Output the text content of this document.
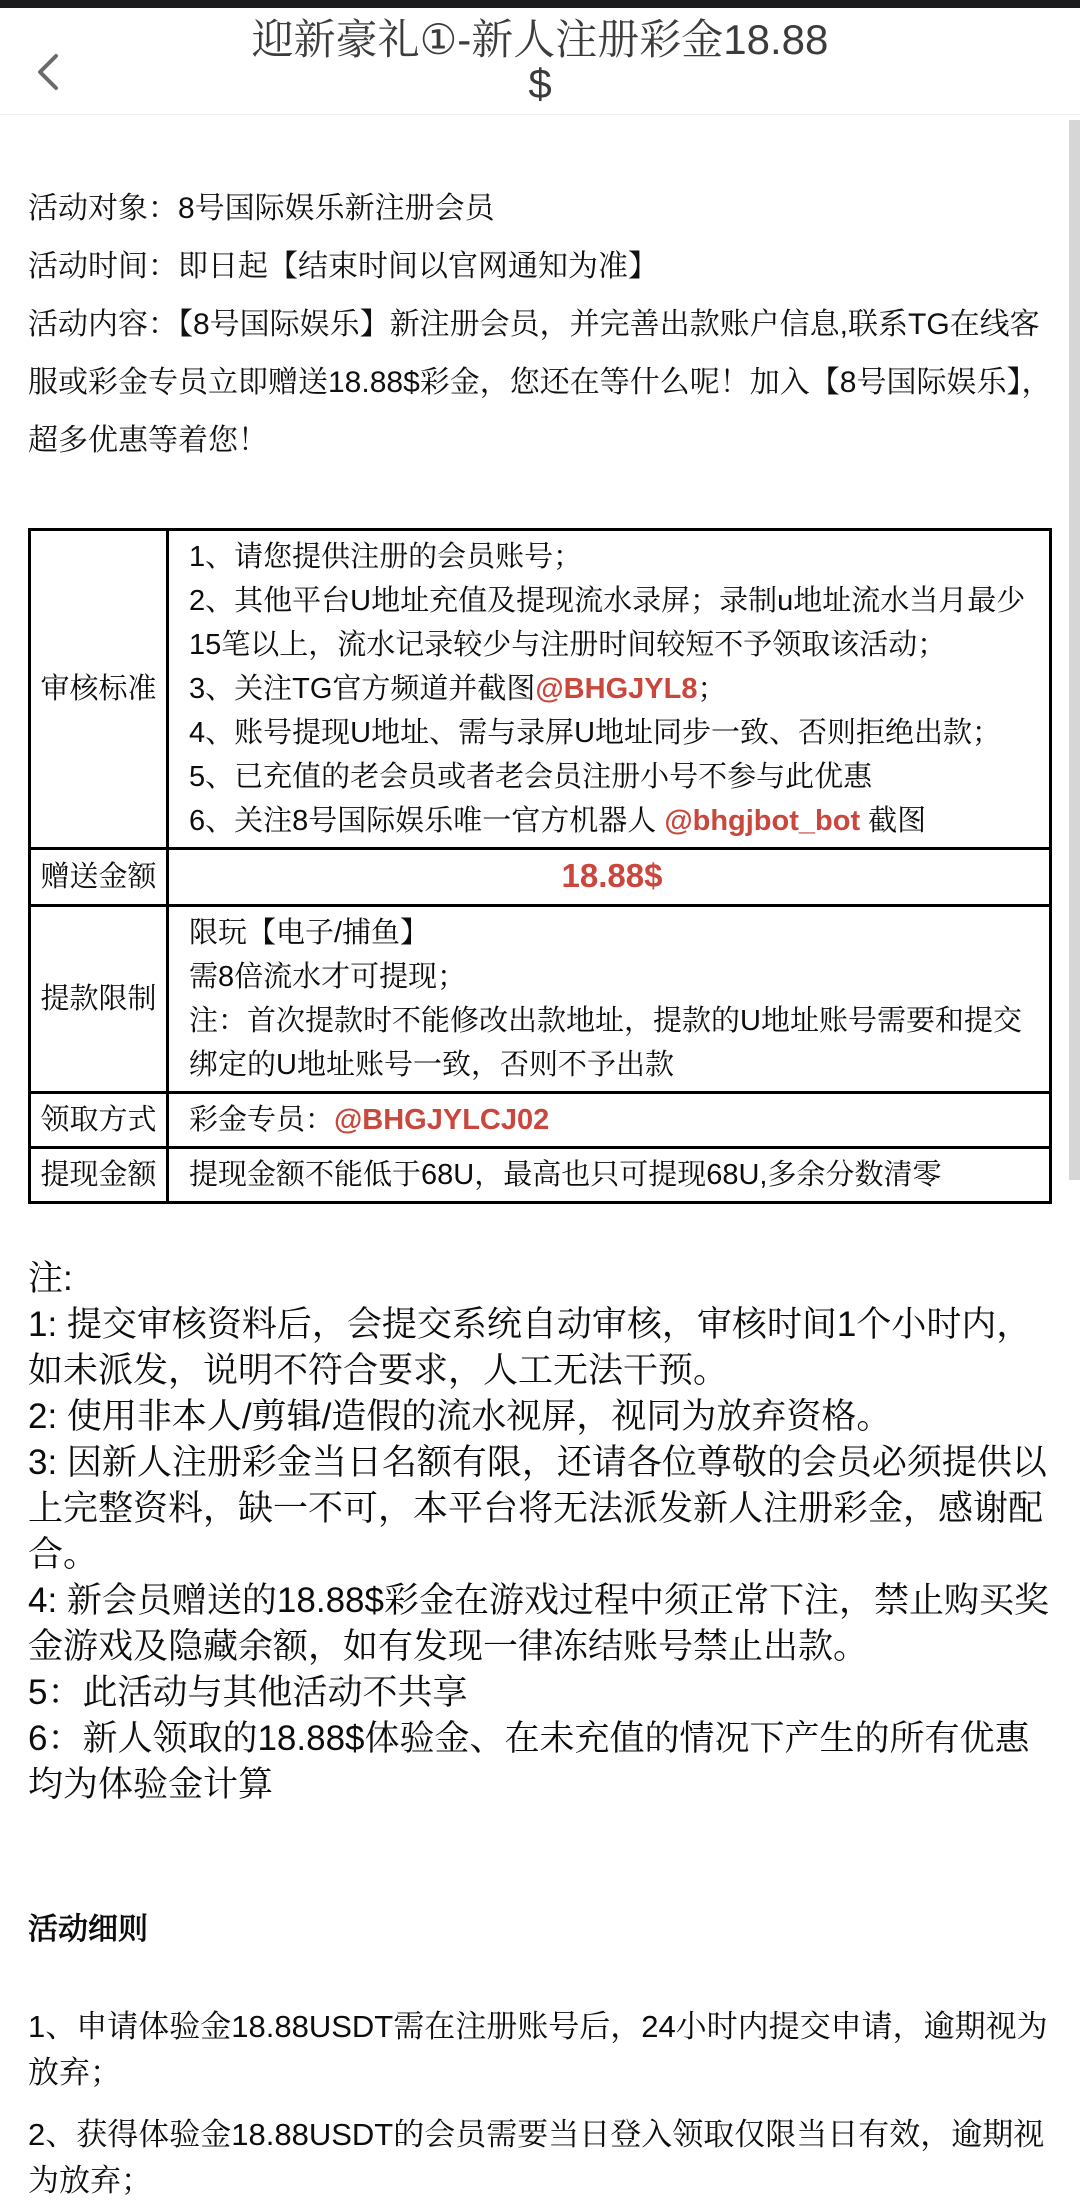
迎新豪礼①-新人注册彩金18.88
$

活动对象：8号国际娱乐新注册会员

活动时间：即日起【结束时间以官网通知为准】

活动内容：【8号国际娱乐】新注册会员，并完善出款账户信息,联系TG在线客服或彩金专员立即赠送18.88$彩金，您还在等什么呢！加入【8号国际娱乐】，超多优惠等着您！

审核标准	
1、请您提供注册的会员账号；
2、其他平台U地址充值及提现流水录屏；录制u地址流水当月最少15笔以上，流水记录较少与注册时间较短不予领取该活动；
3、关注TG官方频道并截图@BHGJYL8；
4、账号提现U地址、需与录屏U地址同步一致、否则拒绝出款；
5、已充值的老会员或者老会员注册小号不参与此优惠
6、关注8号国际娱乐唯一官方机器人 @bhgjbot_bot 截图

赠送金额	18.88$
提款限制	限玩【电子/捕鱼】
需8倍流水才可提现；
注：首次提款时不能修改出款地址，提款的U地址账号需要和提交绑定的U地址账号一致，否则不予出款

领取方式	彩金专员：@BHGJYLCJ02
提现金额	提现金额不能低于68U，最高也只可提现68U,多余分数清零

注:

1: 提交审核资料后，会提交系统自动审核，审核时间1个小时内，如未派发，说明不符合要求，人工无法干预。

2: 使用非本人/剪辑/造假的流水视屏，视同为放弃资格。

3: 因新人注册彩金当日名额有限，还请各位尊敬的会员必须提供以上完整资料，缺一不可，本平台将无法派发新人注册彩金，感谢配合。

4: 新会员赠送的18.88$彩金在游戏过程中须正常下注，禁止购买奖金游戏及隐藏余额，如有发现一律冻结账号禁止出款。

5：此活动与其他活动不共享

6：新人领取的18.88$体验金、在未充值的情况下产生的所有优惠均为体验金计算

活动细则

1、申请体验金18.88USDT需在注册账号后，24小时内提交申请，逾期视为放弃；

2、获得体验金18.88USDT的会员需要当日登入领取仅限当日有效，逾期视为放弃；
